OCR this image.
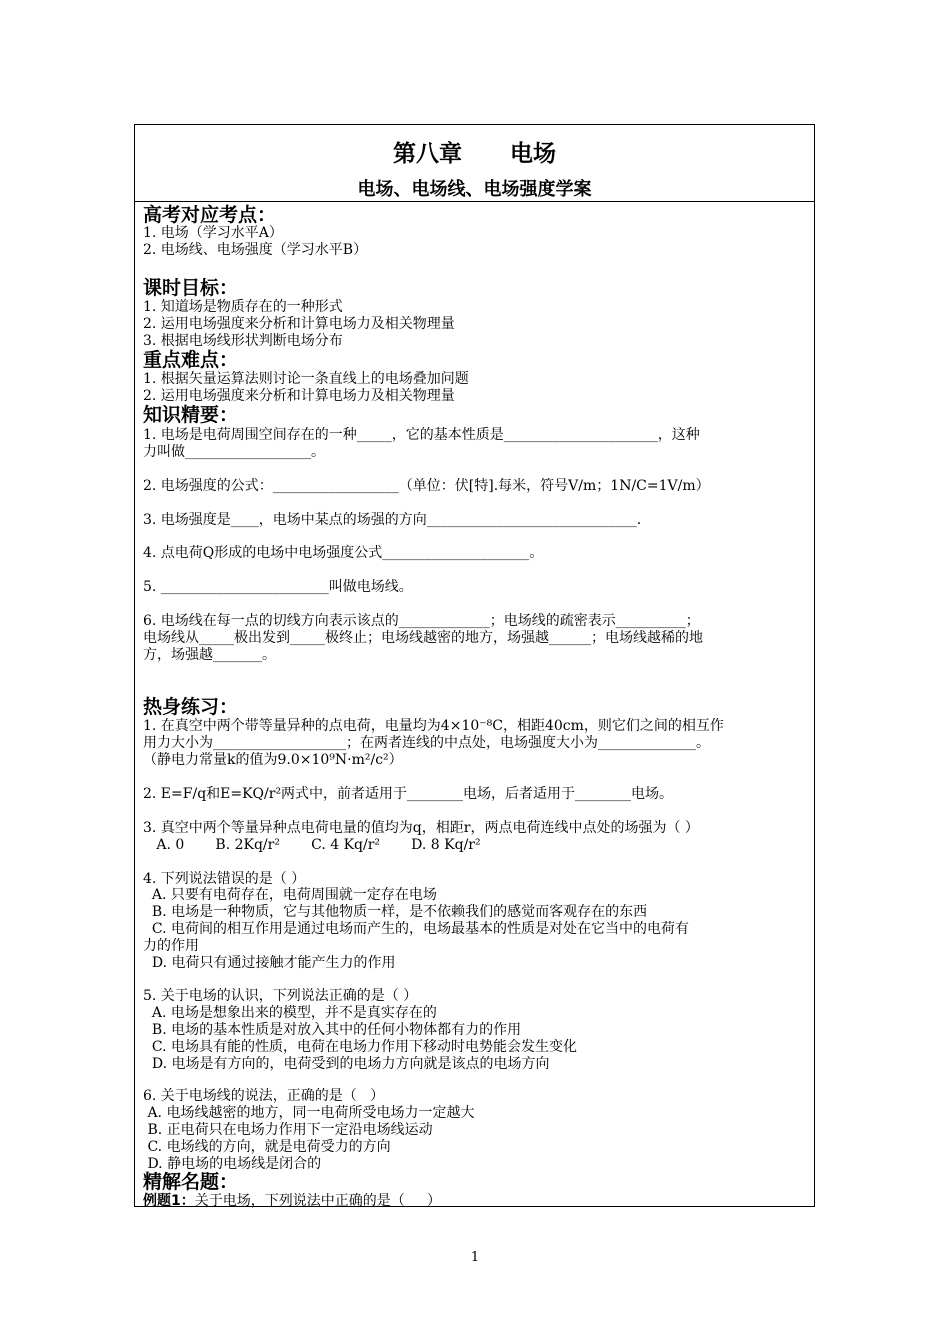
第八章      电场
电场、电场线、电场强度学案
高考对应考点：
1. 电场（学习水平A）
2. 电场线、电场强度（学习水平B）
课时目标：
1. 知道场是物质存在的一种形式
2. 运用电场强度来分析和计算电场力及相关物理量
3. 根据电场线形状判断电场分布
重点难点：
1. 根据矢量运算法则讨论一条直线上的电场叠加问题
2. 运用电场强度来分析和计算电场力及相关物理量
知识精要：
1. 电场是电荷周围空间存在的一种_____，它的基本性质是______________________，这种
力叫做__________________。
2. 电场强度的公式：__________________（单位：伏[特].每米，符号V/m；1N/C=1V/m）
3. 电场强度是____，电场中某点的场强的方向______________________________.
4. 点电荷Q形成的电场中电场强度公式_____________________。
5. ________________________叫做电场线。
6. 电场线在每一点的切线方向表示该点的_____________；电场线的疏密表示__________；
电场线从_____极出发到_____极终止；电场线越密的地方，场强越______；电场线越稀的地
方，场强越_______。
热身练习：
1. 在真空中两个带等量异种的点电荷，电量均为4×10⁻⁸C，相距40cm，则它们之间的相互作
用力大小为___________________；在两者连线的中点处，电场强度大小为______________。
（静电力常量k的值为9.0×10⁹N·m²/c²）
2. E=F/q和E=KQ/r²两式中，前者适用于________电场，后者适用于________电场。
3. 真空中两个等量异种点电荷电量的值均为q，相距r，两点电荷连线中点处的场强为（ ）
A. 0       B. 2Kq/r²       C. 4 Kq/r²       D. 8 Kq/r²
4. 下列说法错误的是（ ）
A. 只要有电荷存在，电荷周围就一定存在电场
B. 电场是一种物质，它与其他物质一样，是不依赖我们的感觉而客观存在的东西
C. 电荷间的相互作用是通过电场而产生的，电场最基本的性质是对处在它当中的电荷有
力的作用
D. 电荷只有通过接触才能产生力的作用
5. 关于电场的认识，下列说法正确的是（ ）
A. 电场是想象出来的模型，并不是真实存在的
B. 电场的基本性质是对放入其中的任何小物体都有力的作用
C. 电场具有能的性质，电荷在电场力作用下移动时电势能会发生变化
D. 电场是有方向的，电荷受到的电场力方向就是该点的电场方向
6. 关于电场线的说法，正确的是（   ）
A. 电场线越密的地方，同一电荷所受电场力一定越大
B. 正电荷只在电场力作用下一定沿电场线运动
C. 电场线的方向，就是电荷受力的方向
D. 静电场的电场线是闭合的
精解名题：
例题1：关于电场，下列说法中正确的是（     ）
1
